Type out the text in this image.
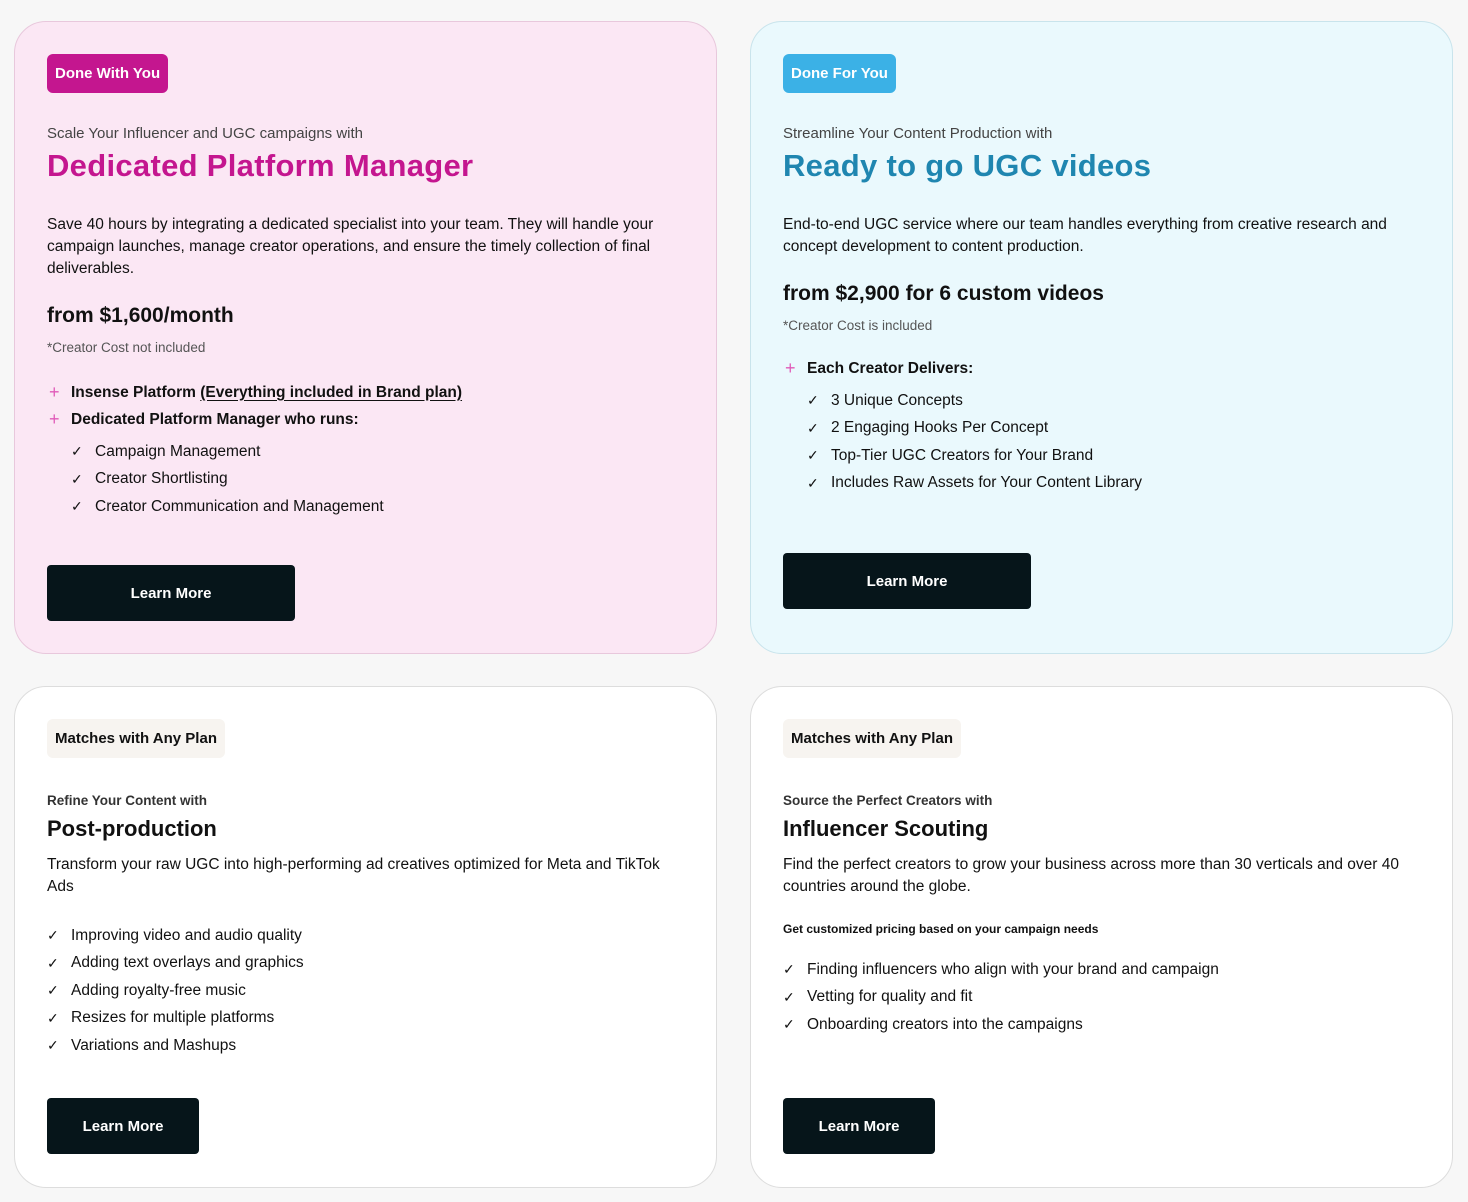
Done With You
Scale Your Influencer and UGC campaigns with
Dedicated Platform Manager
Save 40 hours by integrating a dedicated specialist into your team. They will handle your campaign launches, manage creator operations, and ensure the timely collection of final deliverables.
from $1,600/month
*Creator Cost not included
+ Insense Platform
(Everything included in Brand plan)
+ Dedicated Platform Manager who runs:
✓ Campaign Management
✓ Creator Shortlisting
✓ Creator Communication and Management
Learn More
Done For You
Streamline Your Content Production with
Ready to go UGC videos
End-to-end UGC service where our team handles everything from creative research and concept development to content production.
from $2,900 for 6 custom videos
*Creator Cost is included
+ Each Creator Delivers:
✓ 3 Unique Concepts
✓ 2 Engaging Hooks Per Concept
✓ Top-Tier UGC Creators for Your Brand
✓ Includes Raw Assets for Your Content Library
Learn More
Matches with Any Plan
Refine Your Content with
Post-production
Transform your raw UGC into high-performing ad creatives optimized for Meta and TikTok Ads
✓ Improving video and audio quality
✓ Adding text overlays and graphics
✓ Adding royalty-free music
✓ Resizes for multiple platforms
✓ Variations and Mashups
Learn More
Matches with Any Plan
Source the Perfect Creators with
Influencer Scouting
Find the perfect creators to grow your business across more than 30 verticals and over 40 countries around the globe.
Get customized pricing based on your campaign needs
✓ Finding influencers who align with your brand and campaign
✓ Vetting for quality and fit
✓ Onboarding creators into the campaigns
Learn More
